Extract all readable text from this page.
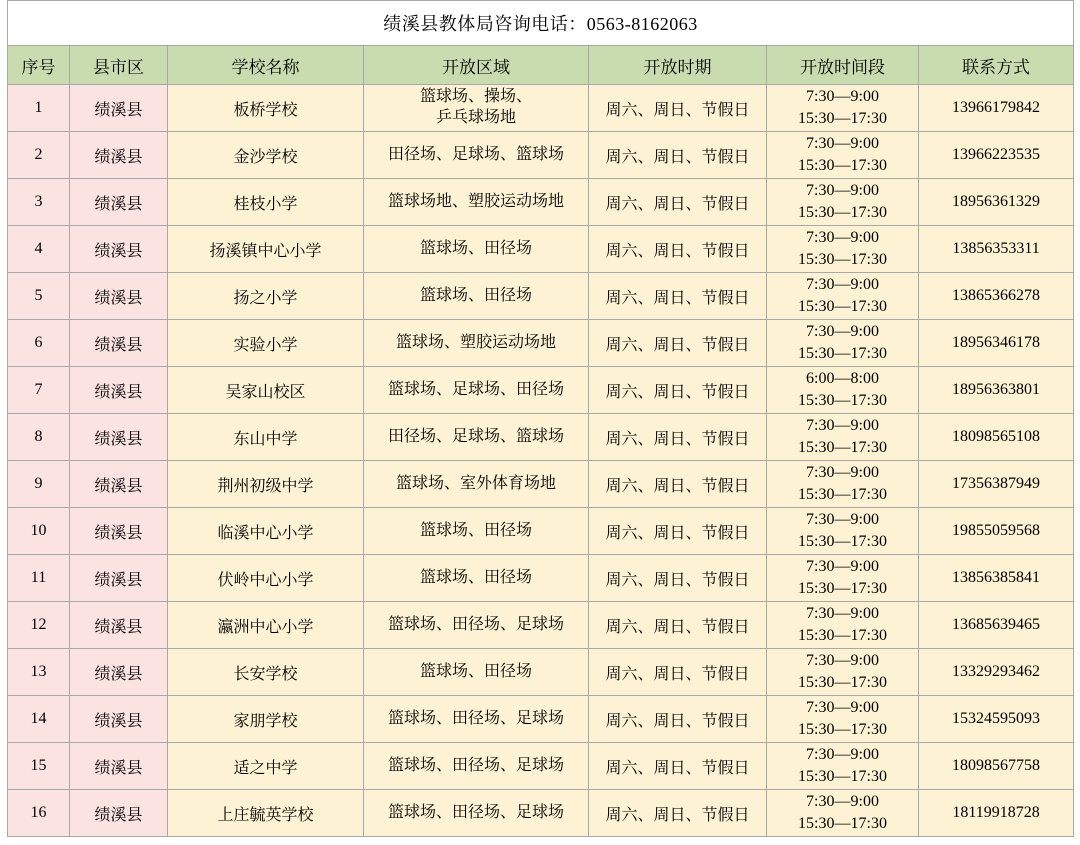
绩溪县教体局咨询电话：0563-8162063						
序号	县市区	学校名称	开放区域	开放时期	开放时间段	联系方式
1	绩溪县	板桥学校	篮球场、操场、
乒乓球场地	周六、周日、节假日	7:30—9:00
15:30—17:30	13966179842
2	绩溪县	金沙学校	田径场、足球场、篮球场	周六、周日、节假日	7:30—9:00
15:30—17:30	13966223535
3	绩溪县	桂枝小学	篮球场地、塑胶运动场地	周六、周日、节假日	7:30—9:00
15:30—17:30	18956361329
4	绩溪县	扬溪镇中心小学	篮球场、田径场	周六、周日、节假日	7:30—9:00
15:30—17:30	13856353311
5	绩溪县	扬之小学	篮球场、田径场	周六、周日、节假日	7:30—9:00
15:30—17:30	13865366278
6	绩溪县	实验小学	篮球场、塑胶运动场地	周六、周日、节假日	7:30—9:00
15:30—17:30	18956346178
7	绩溪县	吴家山校区	篮球场、足球场、田径场	周六、周日、节假日	6:00—8:00
15:30—17:30	18956363801
8	绩溪县	东山中学	田径场、足球场、篮球场	周六、周日、节假日	7:30—9:00
15:30—17:30	18098565108
9	绩溪县	荆州初级中学	篮球场、室外体育场地	周六、周日、节假日	7:30—9:00
15:30—17:30	17356387949
10	绩溪县	临溪中心小学	篮球场、田径场	周六、周日、节假日	7:30—9:00
15:30—17:30	19855059568
11	绩溪县	伏岭中心小学	篮球场、田径场	周六、周日、节假日	7:30—9:00
15:30—17:30	13856385841
12	绩溪县	瀛洲中心小学	篮球场、田径场、足球场	周六、周日、节假日	7:30—9:00
15:30—17:30	13685639465
13	绩溪县	长安学校	篮球场、田径场	周六、周日、节假日	7:30—9:00
15:30—17:30	13329293462
14	绩溪县	家朋学校	篮球场、田径场、足球场	周六、周日、节假日	7:30—9:00
15:30—17:30	15324595093
15	绩溪县	适之中学	篮球场、田径场、足球场	周六、周日、节假日	7:30—9:00
15:30—17:30	18098567758
16	绩溪县	上庄毓英学校	篮球场、田径场、足球场	周六、周日、节假日	7:30—9:00
15:30—17:30	18119918728
